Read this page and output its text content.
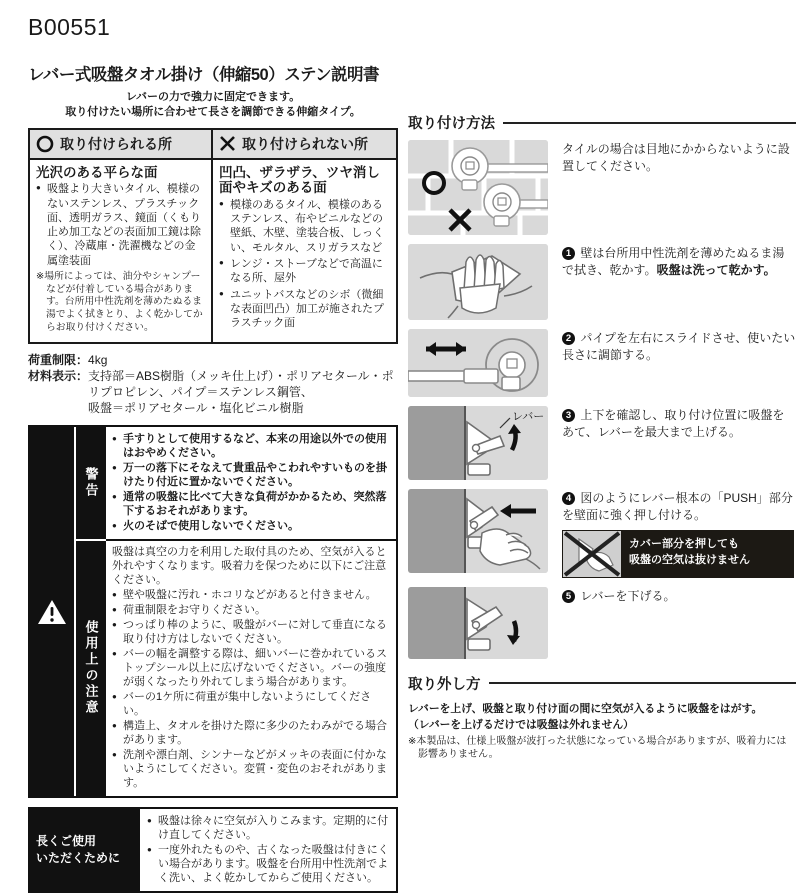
B00551
レバー式吸盤タオル掛け（伸縮50）ステン説明書
レバーの力で強力に固定できます。
取り付けたい場所に合わせて長さを調節できる伸縮タイプ。
取り付けられる所
光沢のある平らな面
● 吸盤より大きいタイル、模様のないステンレス、プラスチック面、透明ガラス、鏡面（くもり止め加工などの表面加工鏡は除く）、冷蔵庫・洗濯機などの金属塗装面
※場所によっては、油分やシャンプーなどが付着している場合があります。台所用中性洗剤を薄めたぬるま湯でよく拭きとり、よく乾かしてからお取り付けください。
取り付けられない所
凹凸、ザラザラ、ツヤ消し面やキズのある面
● 模様のあるタイル、模様のあるステンレス、布やビニルなどの壁紙、木壁、塗装合板、しっくい、モルタル、スリガラスなど
● レンジ・ストーブなどで高温になる所、屋外
● ユニットバスなどのシボ（微細な表面凹凸）加工が施されたプラスチック面
荷重制限： 4kg
材料表示： 支持部＝ABS樹脂（メッキ仕上げ）・ポリアセタール・ポリプロピレン、パイプ＝ステンレス鋼管、
吸盤＝ポリアセタール・塩化ビニル樹脂
警告
● 手すりとして使用するなど、本来の用途以外での使用はおやめください。
● 万一の落下にそなえて貴重品やこわれやすいものを掛けたり付近に置かないでください。
● 通常の吸盤に比べて大きな負荷がかかるため、突然落下するおそれがあります。
● 火のそばで使用しないでください。
使用上の注意
吸盤は真空の力を利用した取付具のため、空気が入ると外れやすくなります。吸着力を保つために以下にご注意ください。
● 壁や吸盤に汚れ・ホコリなどがあると付きません。
● 荷重制限をお守りください。
● つっぱり棒のように、吸盤がバーに対して垂直になる取り付け方はしないでください。
● バーの幅を調整する際は、細いバーに巻かれているストップシール以上に広げないでください。バーの強度が弱くなったり外れてしまう場合があります。
● バーの1ケ所に荷重が集中しないようにしてください。
● 構造上、タオルを掛けた際に多少のたわみがでる場合があります。
● 洗剤や漂白剤、シンナーなどがメッキの表面に付かないようにしてください。変質・変色のおそれがあります。
長くご使用
いただくために
● 吸盤は徐々に空気が入りこみます。定期的に付け直してください。
● 一度外れたものや、古くなった吸盤は付きにくい場合があります。吸盤を台所用中性洗剤でよく洗い、よく乾かしてからご使用ください。
取り付け方法
タイルの場合は目地にかからないように設置してください。
1 壁は台所用中性洗剤を薄めたぬるま湯で拭き、乾かす。吸盤は洗って乾かす。
2 パイプを左右にスライドさせ、使いたい長さに調節する。
レバー	3 上下を確認し、取り付け位置に吸盤をあて、レバーを最大まで上げる。
4 図のようにレバー根本の「PUSH」部分を壁面に強く押し付ける。
カバー部分を押しても
吸盤の空気は抜けません
5 レバーを下げる。
取り外し方
レバーを上げ、吸盤と取り付け面の間に空気が入るように吸盤をはがす。
（レバーを上げるだけでは吸盤は外れません）
※本製品は、仕様上吸盤が波打った状態になっている場合がありますが、吸着力には影響ありません。
